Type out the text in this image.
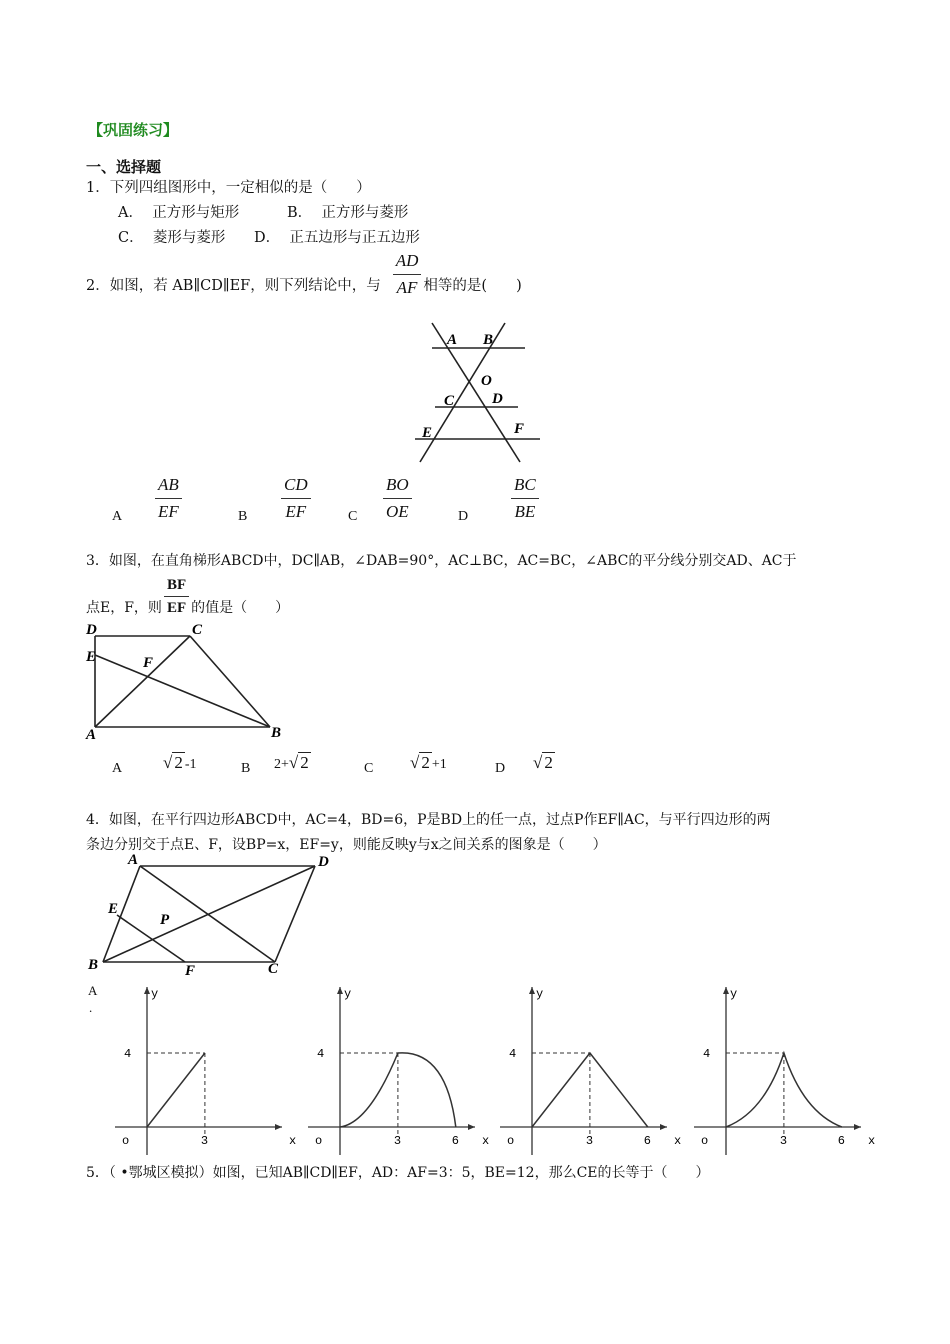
【巩固练习】
一、选择题
1．下列四组图形中，一定相似的是（　　）
A． 正方形与矩形	B． 正方形与菱形
C． 菱形与菱形 D． 正五边形与正五边形
2．如图，若 AB∥CD∥EF，则下列结论中，与 $\frac{AD}{AF}$ 相等的是(　　)
A B
O
C	D
E	F
A $\frac{AB}{EF}$	B $\frac{CD}{EF}$	C $\frac{BO}{OE}$	D	$\frac{BC}{BE}$
3．如图，在直角梯形ABCD中，DC∥AB，∠DAB=90°，AC⊥BC，AC=BC，∠ABC的平分线分别交AD、AC于
点E，F，则 $\frac{BF}{EF}$ 的值是（　　）
D	C
E	F
A	B
A √ 2 -1	B 2+√ 2	C √ 2 +1	D √ 2
4．如图，在平行四边形ABCD中，AC=4，BD=6，P是BD上的任一点，过点P作EF∥AC，与平行四边形的两
条边分别交于点E、F，设BP=x，EF=y，则能反映y与x之间关系的图象是（　　）
A	D
E
P
B	F	C
A
.
y
x
o
4
3
y
x
o
4
3	6
y
x
o
4
3	6
y
x
o
4
3	6
5．（ •鄂城区模拟）如图，已知AB∥CD∥EF，AD：AF=3：5，BE=12，那么CE的长等于（　　）
